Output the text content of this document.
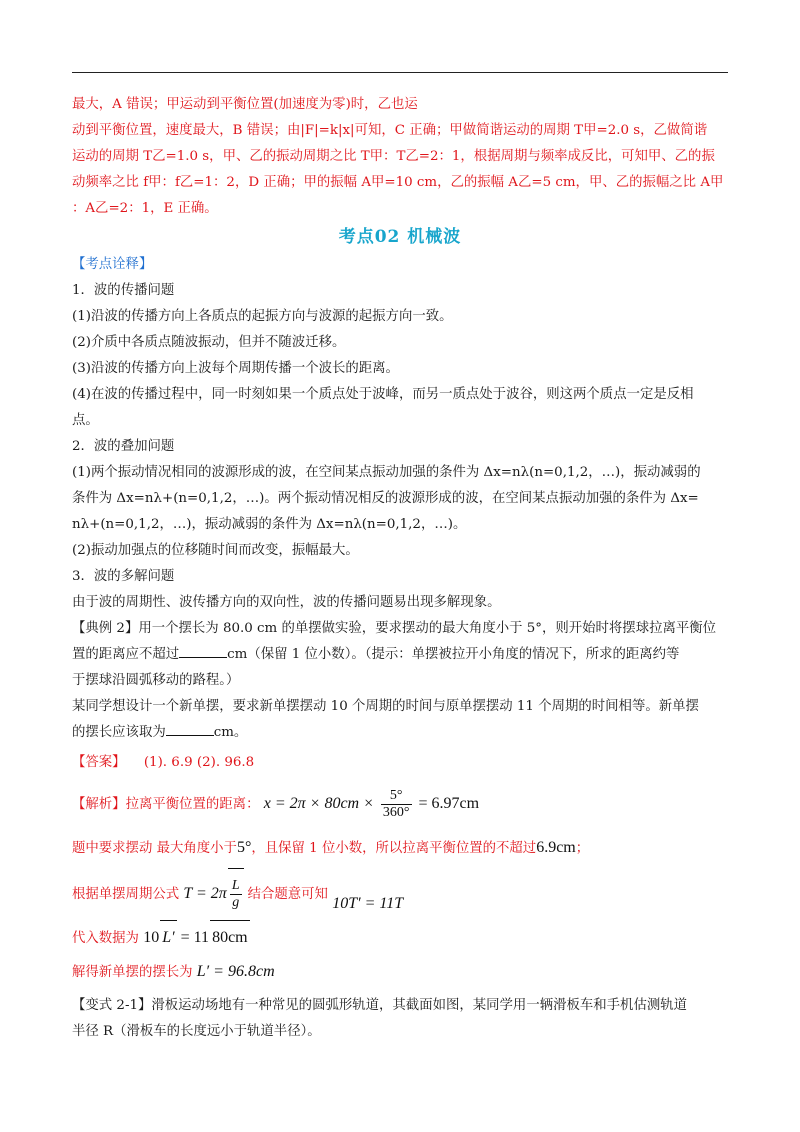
最大，A 错误；甲运动到平衡位置(加速度为零)时，乙也运

动到平衡位置，速度最大，B 错误；由|F|=k|x|可知，C 正确；甲做简谐运动的周期 T甲=2.0 s，乙做简谐

运动的周期 T乙=1.0 s，甲、乙的振动周期之比 T甲：T乙=2：1，根据周期与频率成反比，可知甲、乙的振

动频率之比 f甲：f乙=1：2，D 正确；甲的振幅 A甲=10 cm，乙的振幅 A乙=5 cm，甲、乙的振幅之比 A甲

：A乙=2：1，E 正确。

考点02 机械波

【考点诠释】

1．波的传播问题

(1)沿波的传播方向上各质点的起振方向与波源的起振方向一致。

(2)介质中各质点随波振动，但并不随波迁移。

(3)沿波的传播方向上波每个周期传播一个波长的距离。

(4)在波的传播过程中，同一时刻如果一个质点处于波峰，而另一质点处于波谷，则这两个质点一定是反相

点。

2．波的叠加问题

(1)两个振动情况相同的波源形成的波，在空间某点振动加强的条件为 Δx=nλ(n=0,1,2，…)，振动减弱的

条件为 Δx=nλ+(n=0,1,2，…)。两个振动情况相反的波源形成的波，在空间某点振动加强的条件为 Δx=

nλ+(n=0,1,2，…)，振动减弱的条件为 Δx=nλ(n=0,1,2，…)。

(2)振动加强点的位移随时间而改变，振幅最大。

3．波的多解问题

由于波的周期性、波传播方向的双向性，波的传播问题易出现多解现象。

【典例 2】用一个摆长为 80.0 cm 的单摆做实验，要求摆动的最大角度小于 5°，则开始时将摆球拉离平衡位

置的距离应不超过	cm（保留 1 位小数）。（提示：单摆被拉开小角度的情况下，所求的距离约等

于摆球沿圆弧移动的路程。）

某同学想设计一个新单摆，要求新单摆摆动 10 个周期的时间与原单摆摆动 11 个周期的时间相等。新单摆

的摆长应该取为	cm。

【答案】 (1). 6.9 (2). 96.8

【解析】拉离平衡位置的距离： $x = 2\pi \times 80cm \times \frac{5^\circ}{360^\circ} = 6.97cm$

题中要求摆动 最大角度小于5°，且保留 1 位小数，所以拉离平衡位置的不超过6.9cm；

根据单摆周期公式 $T = 2\pi \frac{L}{g}$ 结合题意可知 10T′ = 11T

代入数据为 10 L′ = 11 80cm

解得新单摆的摆长为 L′ = 96.8cm

【变式 2-1】滑板运动场地有一种常见的圆弧形轨道，其截面如图，某同学用一辆滑板车和手机估测轨道

半径 R（滑板车的长度远小于轨道半径）。
